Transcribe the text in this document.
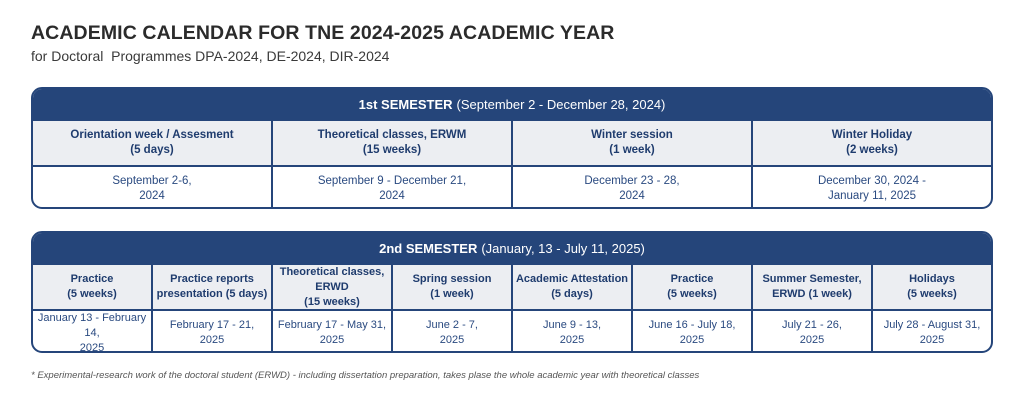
ACADEMIC CALENDAR FOR TNE 2024-2025 ACADEMIC YEAR
for Doctoral  Programmes DPA-2024, DE-2024, DIR-2024
1st SEMESTER (September 2 - December 28, 2024)
Orientation week / Assesment
(5 days)
Theoretical classes, ERWM
(15 weeks)
Winter session
(1 week)
Winter Holiday
(2 weeks)
September 2-6,
2024
September 9 - December 21,
2024
December 23 - 28,
2024
December 30, 2024 -
January 11, 2025
2nd SEMESTER (January, 13 - July 11, 2025)
Practice
(5 weeks)
Practice reports
presentation (5 days)
Theoretical classes, ERWD
(15 weeks)
Spring session
(1 week)
Academic Attestation
(5 days)
Practice
(5 weeks)
Summer Semester,
ERWD (1 week)
Holidays
(5 weeks)
January 13 - February 14,
2025
February 17 - 21,
2025
February 17 - May 31,
2025
June 2 - 7,
2025
June 9 - 13,
2025
June 16 - July 18,
2025
July 21 - 26,
2025
July 28 - August 31,
2025
* Experimental-research work of the doctoral student (ERWD) - including dissertation preparation, takes plase the whole academic year with theoretical classes
